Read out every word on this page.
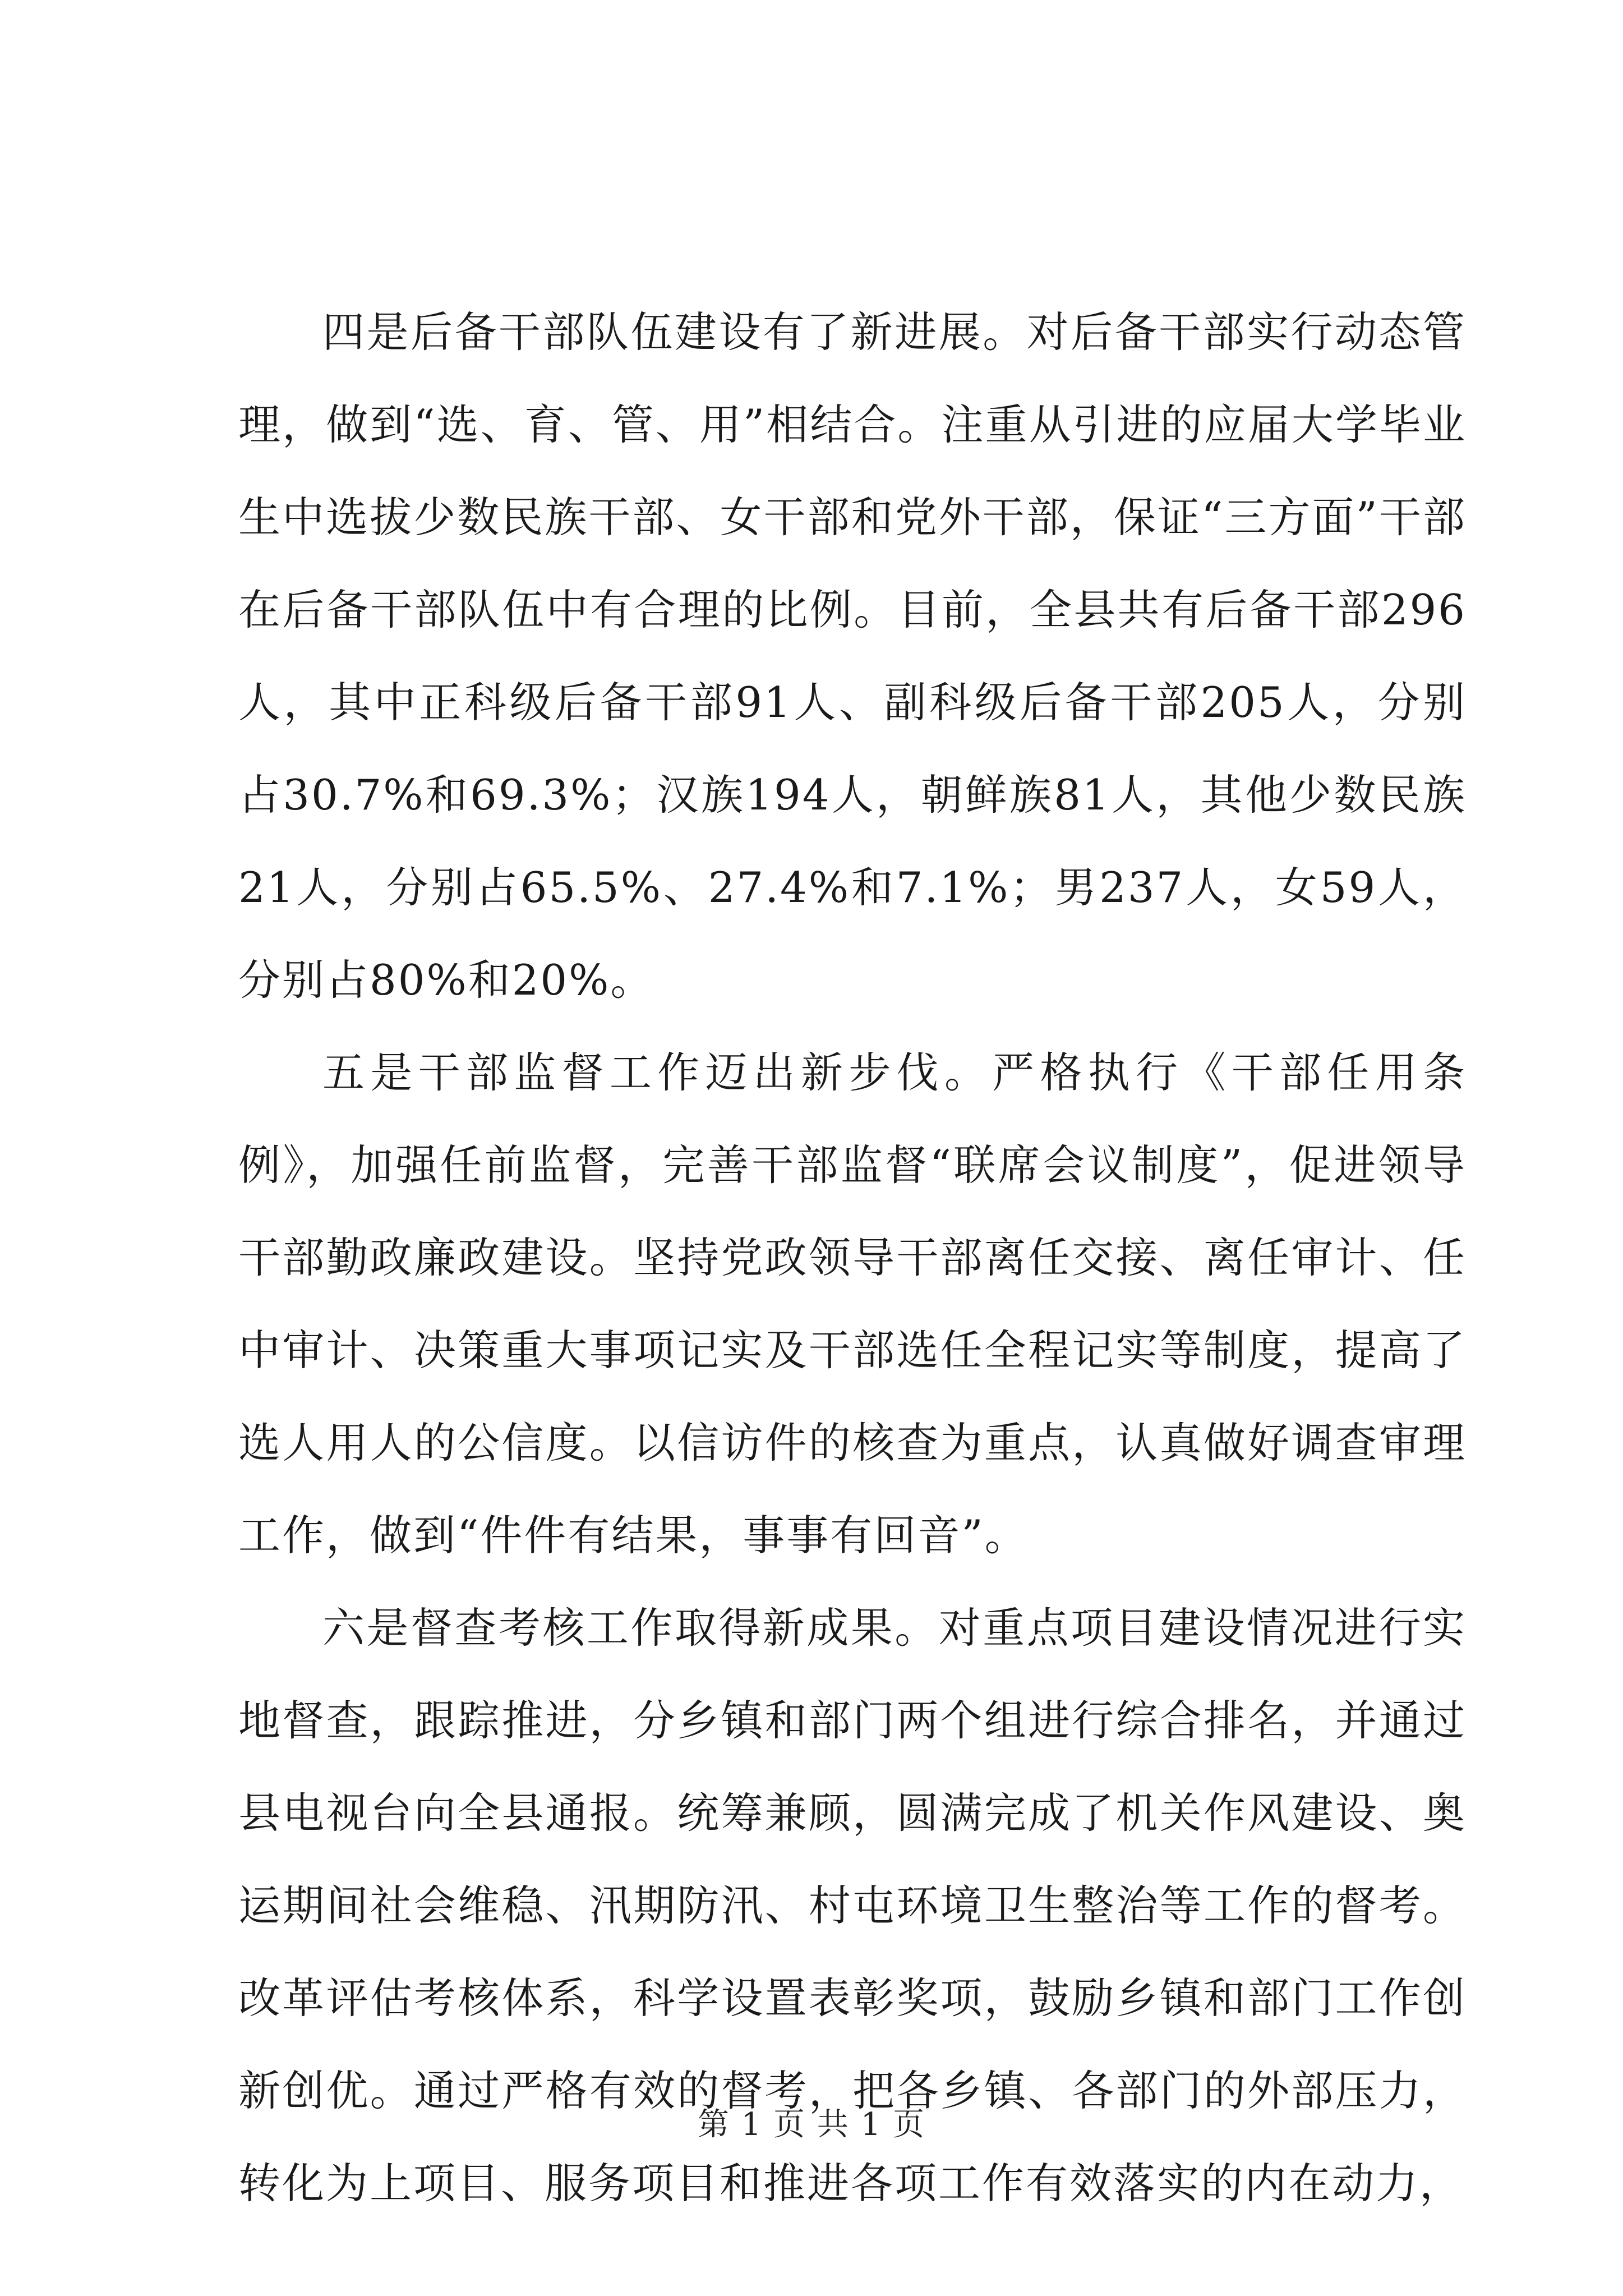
四是后备干部队伍建设有了新进展。对后备干部实行动态管理，做到“选、育、管、用”相结合。注重从引进的应届大学毕业生中选拔少数民族干部、女干部和党外干部，保证“三方面”干部在后备干部队伍中有合理的比例。目前，全县共有后备干部296人，其中正科级后备干部91人、副科级后备干部205人，分别占30.7%和69.3%；汉族194人，朝鲜族81人，其他少数民族21人，分别占65.5%、27.4%和7.1%；男237人，女59人，分别占80%和20%。

五是干部监督工作迈出新步伐。严格执行《干部任用条例》，加强任前监督，完善干部监督“联席会议制度”，促进领导干部勤政廉政建设。坚持党政领导干部离任交接、离任审计、任中审计、决策重大事项记实及干部选任全程记实等制度，提高了选人用人的公信度。以信访件的核查为重点，认真做好调查审理工作，做到“件件有结果，事事有回音”。

六是督查考核工作取得新成果。对重点项目建设情况进行实地督查，跟踪推进，分乡镇和部门两个组进行综合排名，并通过县电视台向全县通报。统筹兼顾，圆满完成了机关作风建设、奥运期间社会维稳、汛期防汛、村屯环境卫生整治等工作的督考。改革评估考核体系，科学设置表彰奖项，鼓励乡镇和部门工作创新创优。通过严格有效的督考，把各乡镇、各部门的外部压力，转化为上项目、服务项目和推进各项工作有效落实的内在动力，

第 1 页 共 1 页
